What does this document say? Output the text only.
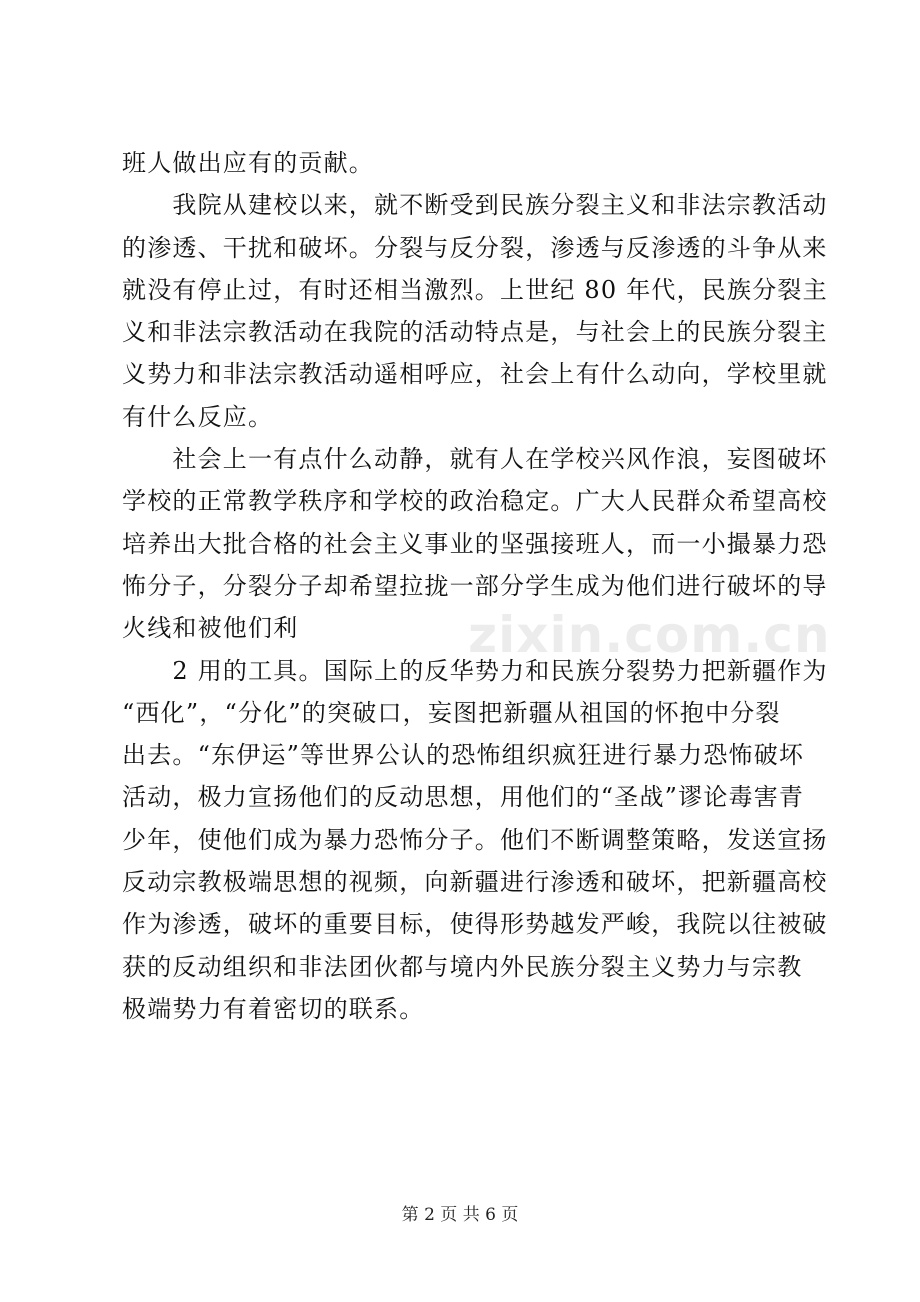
班人做出应有的贡献。
　　我院从建校以来，就不断受到民族分裂主义和非法宗教活动
的渗透、干扰和破坏。分裂与反分裂，渗透与反渗透的斗争从来
就没有停止过，有时还相当激烈。上世纪 80 年代，民族分裂主
义和非法宗教活动在我院的活动特点是，与社会上的民族分裂主
义势力和非法宗教活动遥相呼应，社会上有什么动向，学校里就
有什么反应。
　　社会上一有点什么动静，就有人在学校兴风作浪，妄图破坏
学校的正常教学秩序和学校的政治稳定。广大人民群众希望高校
培养出大批合格的社会主义事业的坚强接班人，而一小撮暴力恐
怖分子，分裂分子却希望拉拢一部分学生成为他们进行破坏的导
火线和被他们利
　　2 用的工具。国际上的反华势力和民族分裂势力把新疆作为
“西化”，“分化”的突破口，妄图把新疆从祖国的怀抱中分裂
出去。“东伊运”等世界公认的恐怖组织疯狂进行暴力恐怖破坏
活动，极力宣扬他们的反动思想，用他们的“圣战”谬论毒害青
少年，使他们成为暴力恐怖分子。他们不断调整策略，发送宣扬
反动宗教极端思想的视频，向新疆进行渗透和破坏，把新疆高校
作为渗透，破坏的重要目标，使得形势越发严峻，我院以往被破
获的反动组织和非法团伙都与境内外民族分裂主义势力与宗教
极端势力有着密切的联系。
zixin.com.cn
第 2 页 共 6 页
